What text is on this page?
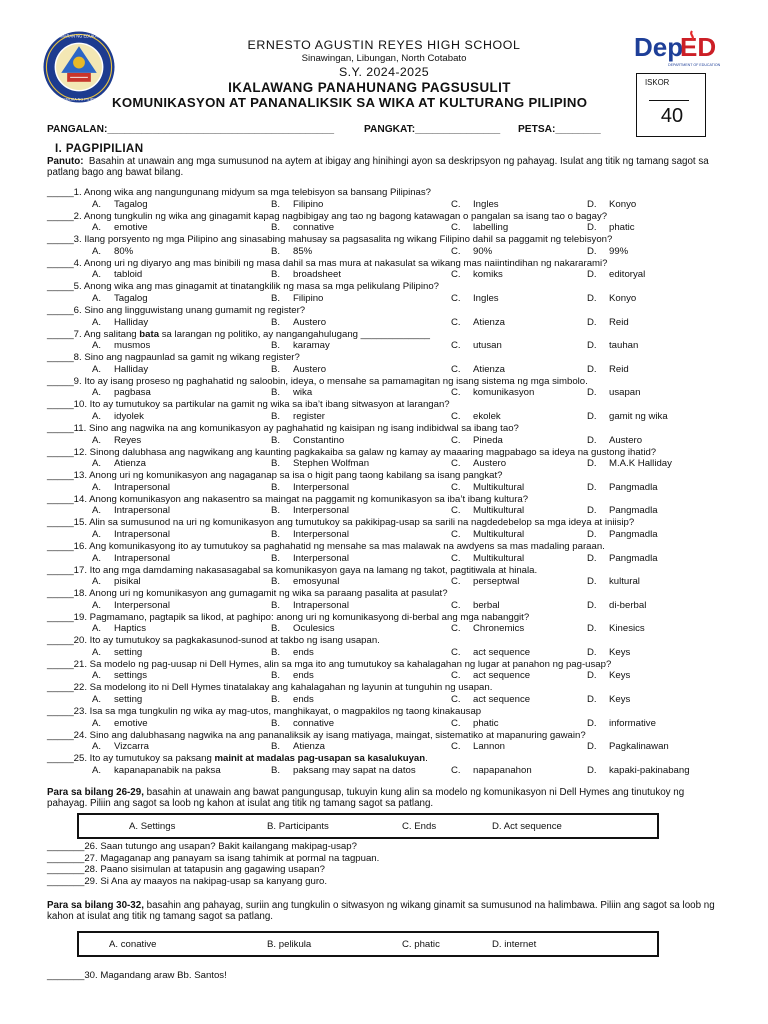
KAGAWARAN NG EDUKASYON
REPUBLIKA NG PILIPINAS
Dep
ED
DEPARTMENT OF EDUCATION
ERNESTO AGUSTIN REYES HIGH SCHOOL
Sinawingan, Libungan, North Cotabato
S.Y. 2024-2025
IKALAWANG PANAHUNANG PAGSUSULIT
KOMUNIKASYON AT PANANALIKSIK SA WIKA AT KULTURANG PILIPINO
ISKOR
40
PANGALAN:________________________________________	PANGKAT:_______________ PETSA:________
I. PAGPIPILIAN
Panuto: Basahin at unawain ang mga sumusunod na aytem at ibigay ang hinihingi ayon sa deskripsyon ng pahayag. Isulat ang titik ng tamang sagot sa patlang bago ang bawat bilang.
_____1. Anong wika ang nangungunang midyum sa mga telebisyon sa bansang Pilipinas?
A. Tagalog	B. Filipino	C. Ingles	D. Konyo
_____2. Anong tungkulin ng wika ang ginagamit kapag nagbibigay ang tao ng bagong katawagan o pangalan sa isang tao o bagay?
A. emotive	B. connative	C. labelling	D. phatic
_____3. Ilang porsyento ng mga Pilipino ang sinasabing mahusay sa pagsasalita ng wikang Filipino dahil sa paggamit ng telebisyon?
A. 80%	B. 85%	C. 90%	D. 99%
_____4. Anong uri ng diyaryo ang mas binibili ng masa dahil sa mas mura at nakasulat sa wikang mas naiintindihan ng nakararami?
A. tabloid	B. broadsheet	C. komiks	D. editoryal
_____5. Anong wika ang mas ginagamit at tinatangkilik ng masa sa mga pelikulang Pilipino?
A. Tagalog	B. Filipino	C. Ingles	D. Konyo
_____6. Sino ang lingguwistang unang gumamit ng register?
A. Halliday	B. Austero	C. Atienza	D. Reid
_____7. Ang salitang bata sa larangan ng politiko, ay nangangahulugang _____________
A. musmos	B. karamay	C. utusan	D. tauhan
_____8. Sino ang nagpaunlad sa gamit ng wikang register?
A. Halliday	B. Austero	C. Atienza	D. Reid
_____9. Ito ay isang proseso ng paghahatid ng saloobin, ideya, o mensahe sa pamamagitan ng isang sistema ng mga simbolo.
A. pagbasa	B. wika	C. komunikasyon	D. usapan
_____10. Ito ay tumutukoy sa partikular na gamit ng wika sa iba’t ibang sitwasyon at larangan?
A. idyolek	B. register	C. ekolek	D. gamit ng wika
_____11. Sino ang nagwika na ang komunikasyon ay paghahatid ng kaisipan ng isang indibidwal sa ibang tao?
A. Reyes	B. Constantino	C. Pineda	D. Austero
_____12. Sinong dalubhasa ang nagwikang ang kaunting pagkakaiba sa galaw ng kamay ay maaaring magpabago sa ideya na gustong ihatid?
A. Atienza	B. Stephen Wolfman	C. Austero	D. M.A.K Halliday
_____13. Anong uri ng komunikasyon ang nagaganap sa isa o higit pang taong kabilang sa isang pangkat?
A. Intrapersonal	B. Interpersonal	C. Multikultural	D. Pangmadla
_____14. Anong komunikasyon ang nakasentro sa maingat na paggamit ng komunikasyon sa iba’t ibang kultura?
A. Intrapersonal	B. Interpersonal	C. Multikultural	D. Pangmadla
_____15. Alin sa sumusunod na uri ng komunikasyon ang tumutukoy sa pakikipag-usap sa sarili na nagdedebelop sa mga ideya at iniisip?
A. Intrapersonal	B. Interpersonal	C. Multikultural	D. Pangmadla
_____16. Ang komunikasyong ito ay tumutukoy sa paghahatid ng mensahe sa mas malawak na awdyens sa mas madaling paraan.
A. Intrapersonal	B. Interpersonal	C. Multikultural	D. Pangmadla
_____17. Ito ang mga damdaming nakasasagabal sa komunikasyon gaya na lamang ng takot, pagtitiwala at hinala.
A. pisikal	B. emosyunal	C. perseptwal	D. kultural
_____18. Anong uri ng komunikasyon ang gumagamit ng wika sa paraang pasalita at pasulat?
A. Interpersonal	B. Intrapersonal	C. berbal	D. di-berbal
_____19. Pagmamano, pagtapik sa likod, at paghipo: anong uri ng komunikasyong di-berbal ang mga nabanggit?
A. Haptics	B. Oculesics	C. Chronemics	D. Kinesics
_____20. Ito ay tumutukoy sa pagkakasunod-sunod at takbo ng isang usapan.
A. setting	B. ends	C. act sequence	D. Keys
_____21. Sa modelo ng pag-uusap ni Dell Hymes, alin sa mga ito ang tumutukoy sa kahalagahan ng lugar at panahon ng pag-usap?
A. settings	B. ends	C. act sequence	D. Keys
_____22. Sa modelong ito ni Dell Hymes tinatalakay ang kahalagahan ng layunin at tunguhin ng usapan.
A. setting	B. ends	C. act sequence	D. Keys
_____23. Isa sa mga tungkulin ng wika ay mag-utos, manghikayat, o magpakilos ng taong kinakausap
A. emotive	B. connative	C. phatic	D. informative
_____24. Sino ang dalubhasang nagwika na ang pananaliksik ay isang matiyaga, maingat, sistematiko at mapanuring gawain?
A. Vizcarra	B. Atienza	C. Lannon	D. Pagkalinawan
_____25. Ito ay tumutukoy sa paksang mainit at madalas pag-usapan sa kasalukuyan.
A. kapanapanabik na paksa	B. paksang may sapat na datos	C. napapanahon	D. kapaki-pakinabang
Para sa bilang 26-29, basahin at unawain ang bawat pangungusap, tukuyin kung alin sa modelo ng komunikasyon ni Dell Hymes ang tinutukoy ng pahayag. Piliin ang sagot sa loob ng kahon at isulat ang titik ng tamang sagot sa patlang.
A. Settings	B. Participants	C. Ends	D. Act sequence
_______26. Saan tutungo ang usapan? Bakit kailangang makipag-usap?
_______27. Magaganap ang panayam sa isang tahimik at pormal na tagpuan.
_______28. Paano sisimulan at tatapusin ang gagawing usapan?
_______29. Si Ana ay maayos na nakipag-usap sa kanyang guro.
Para sa bilang 30-32, basahin ang pahayag, suriin ang tungkulin o sitwasyon ng wikang ginamit sa sumusunod na halimbawa. Piliin ang sagot sa loob ng kahon at isulat ang titik ng tamang sagot sa patlang.
A. conative	B. pelikula	C. phatic	D. internet
_______30. Magandang araw Bb. Santos!
